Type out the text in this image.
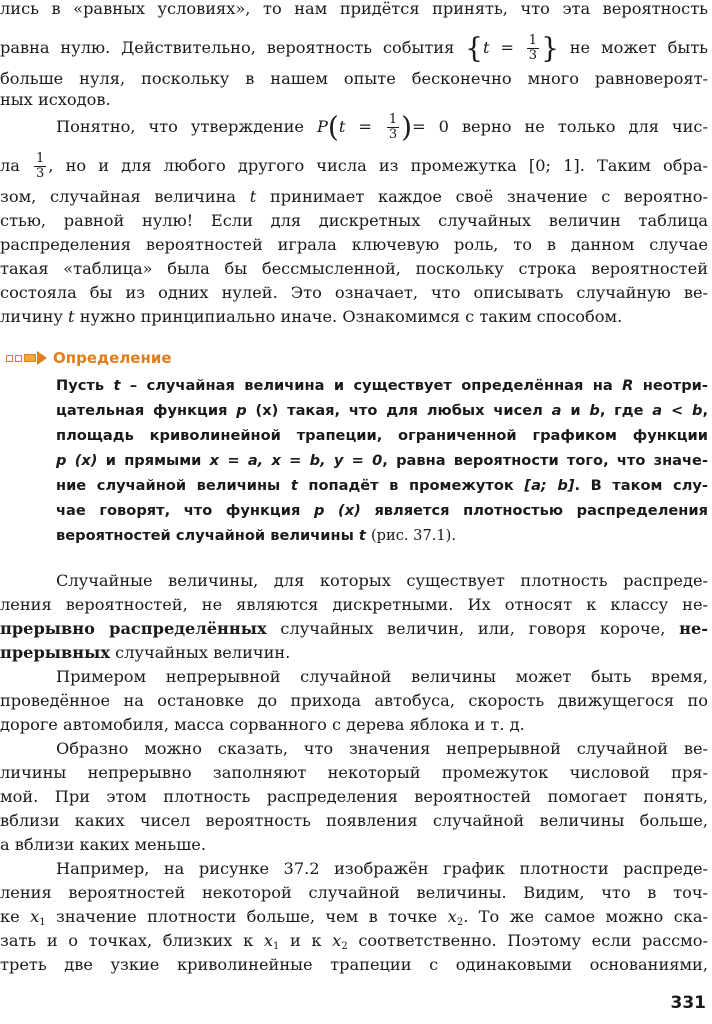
лись в «равных условиях», то нам придётся принять, что эта вероятность
равна нулю. Действительно, вероятность события {$t = \frac{1}{3}$ } не может быть
больше нуля, поскольку в нашем опыте бесконечно много равновероят-
ных исходов.
Понятно, что утверждение $P(t = \frac{1}{3}$ )= 0 верно не только для чис-
ла $\frac{1}{3}$ , но и для любого другого числа из промежутка [0; 1]. Таким обра-
зом, случайная величина t принимает каждое своё значение с вероятно-
стью, равной нулю! Если для дискретных случайных величин таблица
распределения вероятностей играла ключевую роль, то в данном случае
такая «таблица» была бы бессмысленной, поскольку строка вероятностей
состояла бы из одних нулей. Это означает, что описывать случайную ве-
личину t нужно принципиально иначе. Ознакомимся с таким способом.
Определение
Пусть t – случайная величина и существует определённая на R неотри-
цательная функция p (x) такая, что для любых чисел a и b, где a < b,
площадь криволинейной трапеции, ограниченной графиком функции
p (x) и прямыми x = a, x = b, y = 0, равна вероятности того, что значе-
ние случайной величины t попадёт в промежуток [a; b]. В таком слу-
чае говорят, что функция p (x) является плотностью распределения
вероятностей случайной величины t (рис. 37.1).
Случайные величины, для которых существует плотность распреде-
ления вероятностей, не являются дискретными. Их относят к классу не-
прерывно распределённых случайных величин, или, говоря короче, не-
прерывных случайных величин.
Примером непрерывной случайной величины может быть время,
проведённое на остановке до прихода автобуса, скорость движущегося по
дороге автомобиля, масса сорванного с дерева яблока и т. д.
Образно можно сказать, что значения непрерывной случайной ве-
личины непрерывно заполняют некоторый промежуток числовой пря-
мой. При этом плотность распределения вероятностей помогает понять,
вблизи каких чисел вероятность появления случайной величины больше,
а вблизи каких меньше.
Например, на рисунке 37.2 изображён график плотности распреде-
ления вероятностей некоторой случайной величины. Видим, что в точ-
ке $x_1$ значение плотности больше, чем в точке $x_2$. То же самое можно ска-
зать и о точках, близких к $x_1$ и к $x_2$ соответственно. Поэтому если рассмо-
треть две узкие криволинейные трапеции с одинаковыми основаниями,
331
